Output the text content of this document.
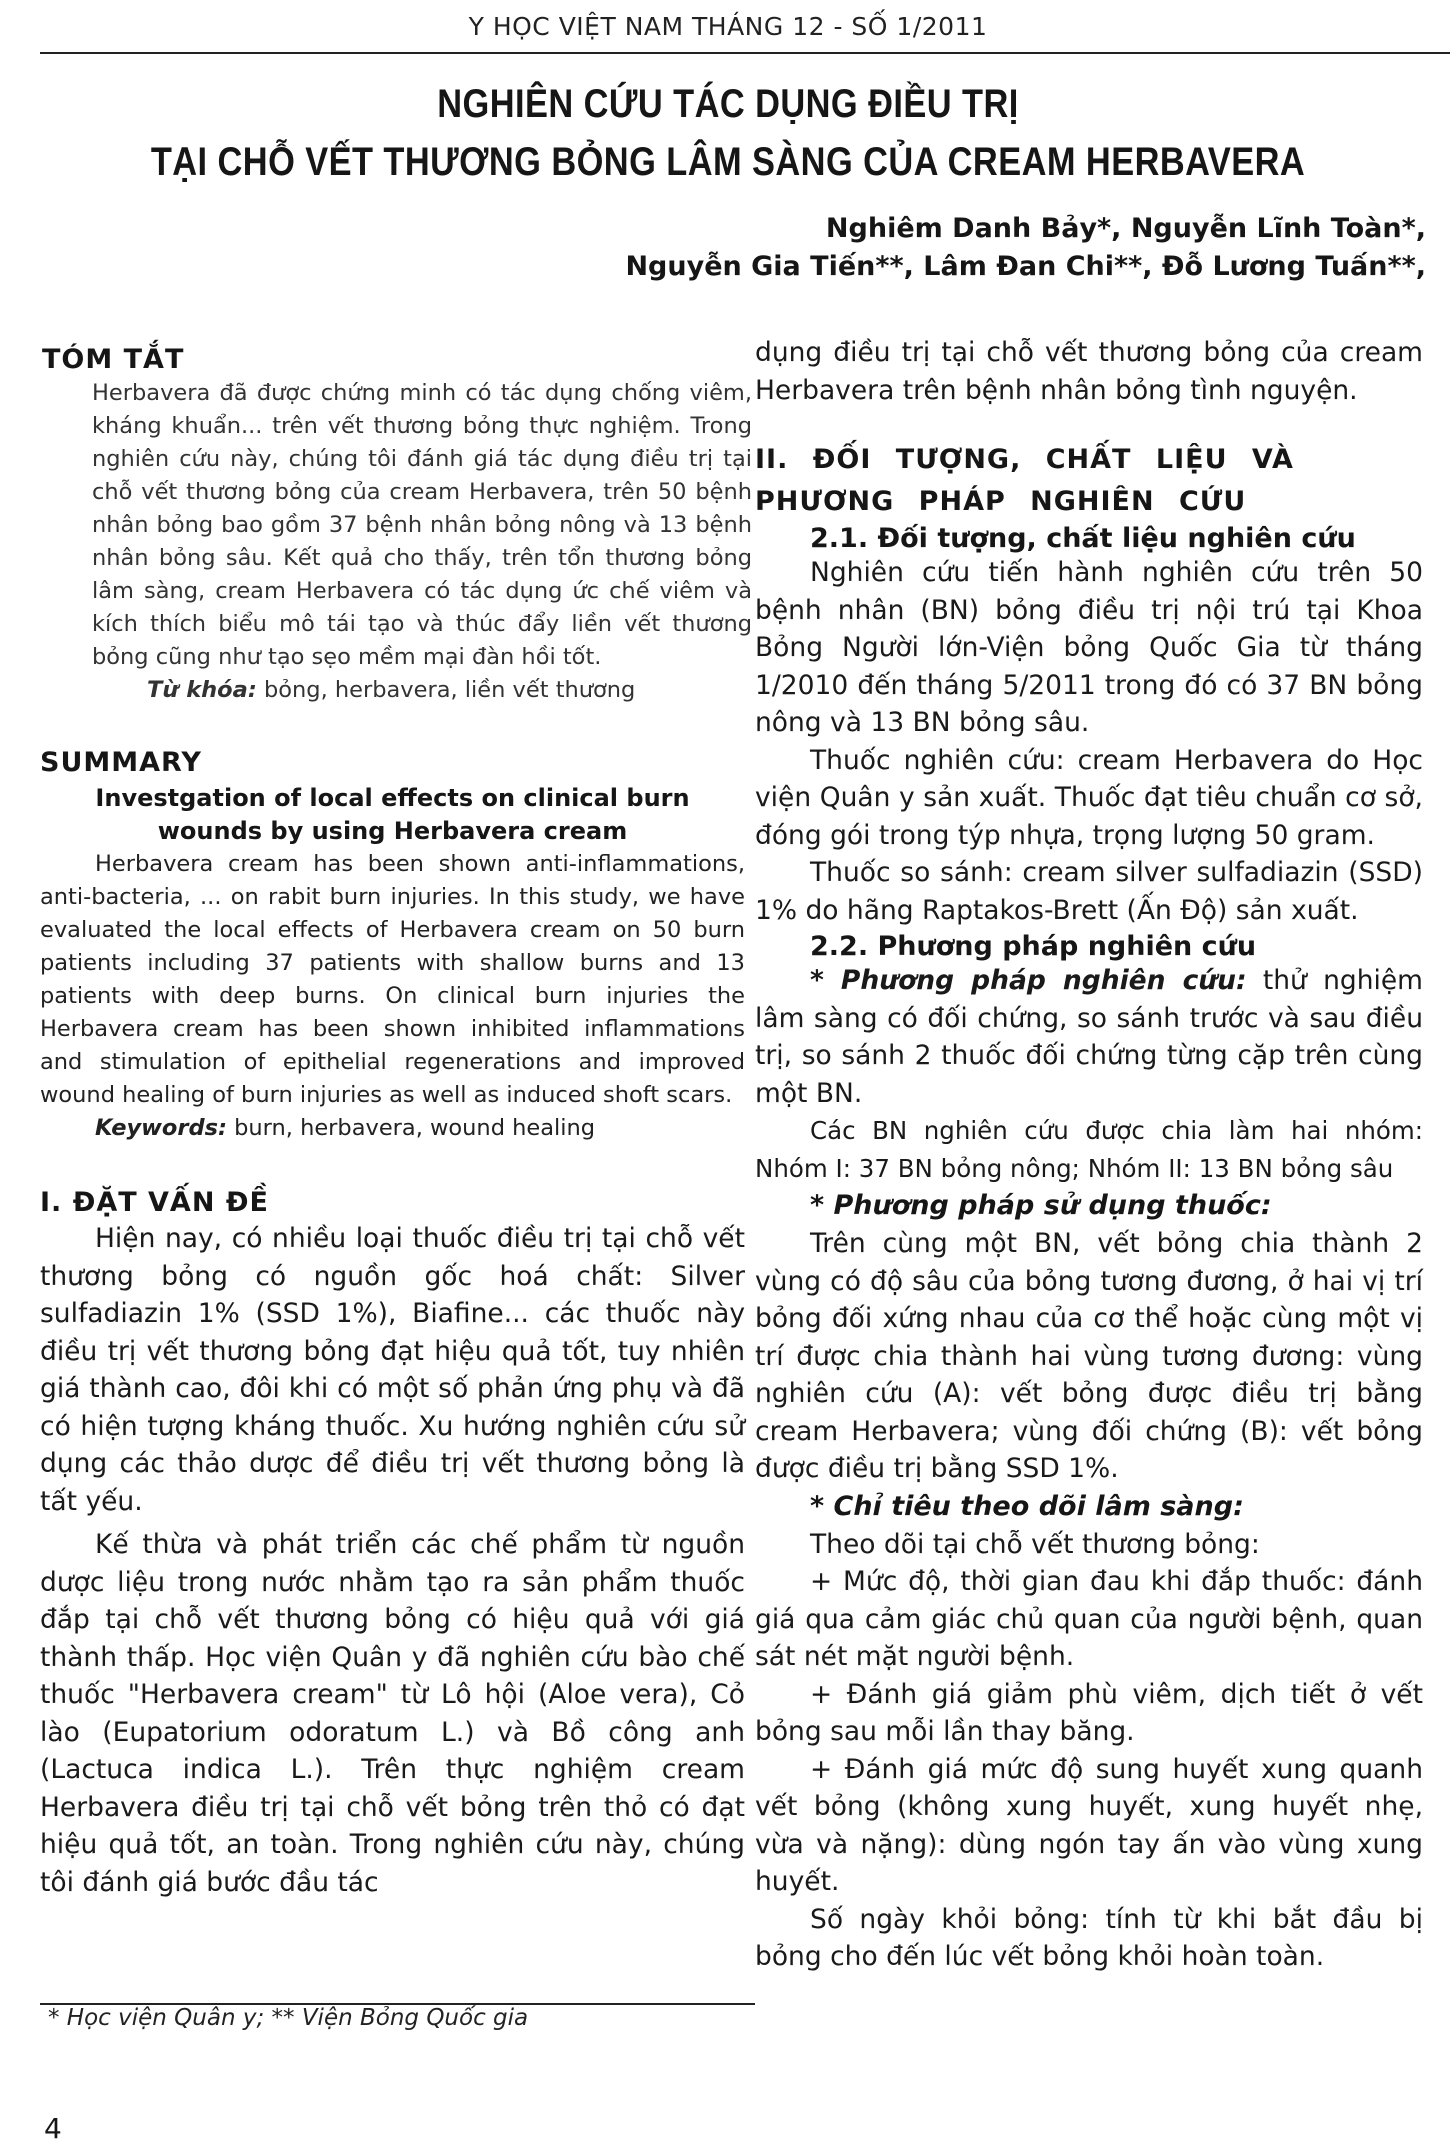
Y HỌC VIỆT NAM THÁNG 12 - SỐ 1/2011
NGHIÊN CỨU TÁC DỤNG ĐIỀU TRỊ
TẠI CHỖ VẾT THƯƠNG BỎNG LÂM SÀNG CỦA CREAM HERBAVERA
Nghiêm Danh Bảy*, Nguyễn Lĩnh Toàn*,
Nguyễn Gia Tiến**, Lâm Đan Chi**, Đỗ Lương Tuấn**,
TÓM TẮT

Herbavera đã được chứng minh có tác dụng chống viêm, kháng khuẩn... trên vết thương bỏng thực nghiệm. Trong nghiên cứu này, chúng tôi đánh giá tác dụng điều trị tại chỗ vết thương bỏng của cream Herbavera, trên 50 bệnh nhân bỏng bao gồm 37 bệnh nhân bỏng nông và 13 bệnh nhân bỏng sâu. Kết quả cho thấy, trên tổn thương bỏng lâm sàng, cream Herbavera có tác dụng ức chế viêm và kích thích biểu mô tái tạo và thúc đẩy liền vết thương bỏng cũng như tạo sẹo mềm mại đàn hồi tốt.

Từ khóa: bỏng, herbavera, liền vết thương

SUMMARY
Investgation of local effects on clinical burn
wounds by using Herbavera cream

Herbavera cream has been shown anti-inflammations, anti-bacteria, ... on rabit burn injuries. In this study, we have evaluated the local effects of Herbavera cream on 50 burn patients including 37 patients with shallow burns and 13 patients with deep burns. On clinical burn injuries the Herbavera cream has been shown inhibited inflammations and stimulation of epithelial regenerations and improved wound healing of burn injuries as well as induced shoft scars.

Keywords: burn, herbavera, wound healing

I. ĐẶT VẤN ĐỀ

Hiện nay, có nhiều loại thuốc điều trị tại chỗ vết thương bỏng có nguồn gốc hoá chất: Silver sulfadiazin 1% (SSD 1%), Biafine... các thuốc này điều trị vết thương bỏng đạt hiệu quả tốt, tuy nhiên giá thành cao, đôi khi có một số phản ứng phụ và đã có hiện tượng kháng thuốc. Xu hướng nghiên cứu sử dụng các thảo dược để điều trị vết thương bỏng là tất yếu.

Kế thừa và phát triển các chế phẩm từ nguồn dược liệu trong nước nhằm tạo ra sản phẩm thuốc đắp tại chỗ vết thương bỏng có hiệu quả với giá thành thấp. Học viện Quân y đã nghiên cứu bào chế thuốc "Herbavera cream" từ Lô hội (Aloe vera), Cỏ lào (Eupatorium odoratum L.) và Bồ công anh (Lactuca indica L.). Trên thực nghiệm cream Herbavera điều trị tại chỗ vết bỏng trên thỏ có đạt hiệu quả tốt, an toàn. Trong nghiên cứu này, chúng tôi đánh giá bước đầu tác

* Học viện Quân y; ** Viện Bỏng Quốc gia
4

dụng điều trị tại chỗ vết thương bỏng của cream Herbavera trên bệnh nhân bỏng tình nguyện.

II. ĐỐI TƯỢNG, CHẤT LIỆU VÀ PHƯƠNG PHÁP NGHIÊN CỨU
2.1. Đối tượng, chất liệu nghiên cứu

Nghiên cứu tiến hành nghiên cứu trên 50 bệnh nhân (BN) bỏng điều trị nội trú tại Khoa Bỏng Người lớn-Viện bỏng Quốc Gia từ tháng 1/2010 đến tháng 5/2011 trong đó có 37 BN bỏng nông và 13 BN bỏng sâu.

Thuốc nghiên cứu: cream Herbavera do Học viện Quân y sản xuất. Thuốc đạt tiêu chuẩn cơ sở, đóng gói trong týp nhựa, trọng lượng 50 gram.

Thuốc so sánh: cream silver sulfadiazin (SSD) 1% do hãng Raptakos-Brett (Ấn Độ) sản xuất.

2.2. Phương pháp nghiên cứu

* Phương pháp nghiên cứu: thử nghiệm lâm sàng có đối chứng, so sánh trước và sau điều trị, so sánh 2 thuốc đối chứng từng cặp trên cùng một BN.

Các BN nghiên cứu được chia làm hai nhóm: Nhóm I: 37 BN bỏng nông; Nhóm II: 13 BN bỏng sâu

* Phương pháp sử dụng thuốc:

Trên cùng một BN, vết bỏng chia thành 2 vùng có độ sâu của bỏng tương đương, ở hai vị trí bỏng đối xứng nhau của cơ thể hoặc cùng một vị trí được chia thành hai vùng tương đương: vùng nghiên cứu (A): vết bỏng được điều trị bằng cream Herbavera; vùng đối chứng (B): vết bỏng được điều trị bằng SSD 1%.

* Chỉ tiêu theo dõi lâm sàng:

Theo dõi tại chỗ vết thương bỏng:

+ Mức độ, thời gian đau khi đắp thuốc: đánh giá qua cảm giác chủ quan của người bệnh, quan sát nét mặt người bệnh.

+ Đánh giá giảm phù viêm, dịch tiết ở vết bỏng sau mỗi lần thay băng.

+ Đánh giá mức độ sung huyết xung quanh vết bỏng (không xung huyết, xung huyết nhẹ, vừa và nặng): dùng ngón tay ấn vào vùng xung huyết.

Số ngày khỏi bỏng: tính từ khi bắt đầu bị bỏng cho đến lúc vết bỏng khỏi hoàn toàn.
